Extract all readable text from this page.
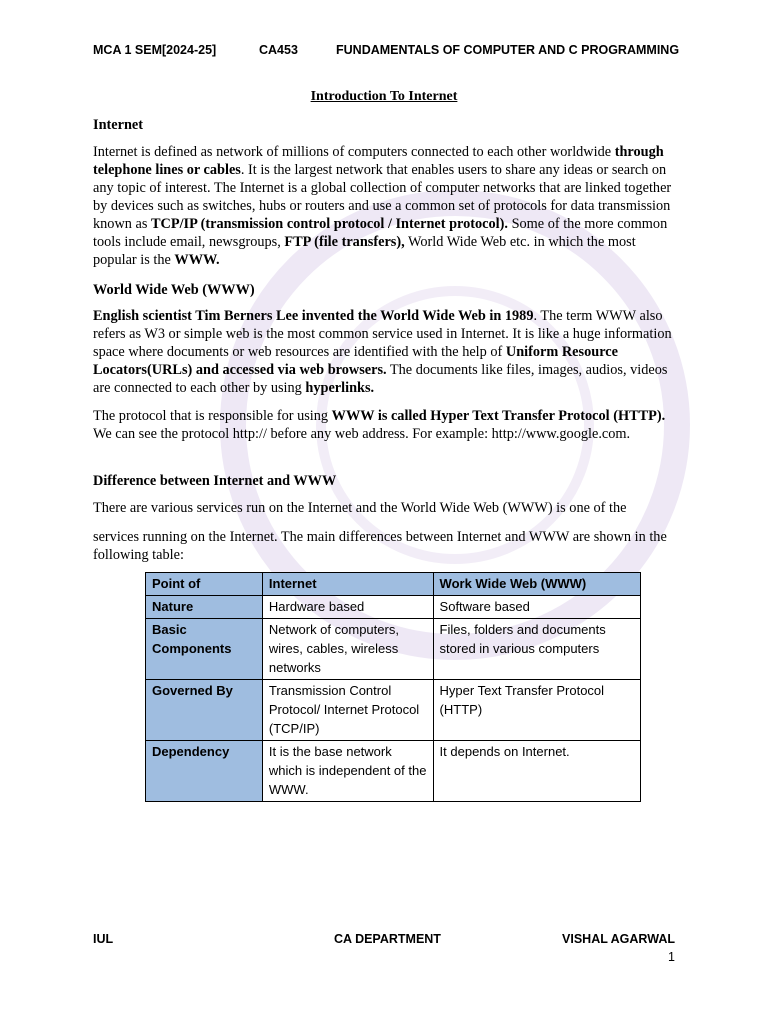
MCA 1 SEM[2024-25]	CA453	FUNDAMENTALS OF COMPUTER AND C PROGRAMMING
Introduction To Internet
Internet
Internet is defined as network of millions of computers connected to each other worldwide through telephone lines or cables. It is the largest network that enables users to share any ideas or search on any topic of interest. The Internet is a global collection of computer networks that are linked together by devices such as switches, hubs or routers and use a common set of protocols for data transmission known as TCP/IP (transmission control protocol / Internet protocol). Some of the more common tools include email, newsgroups, FTP (file transfers), World Wide Web etc. in which the most popular is the WWW.
World Wide Web (WWW)
English scientist Tim Berners Lee invented the World Wide Web in 1989. The term WWW also refers as W3 or simple web is the most common service used in Internet. It is like a huge information space where documents or web resources are identified with the help of Uniform Resource Locators(URLs) and accessed via web browsers. The documents like files, images, audios, videos are connected to each other by using hyperlinks.
The protocol that is responsible for using WWW is called Hyper Text Transfer Protocol (HTTP). We can see the protocol http:// before any web address. For example: http://www.google.com.
Difference between Internet and WWW
There are various services run on the Internet and the World Wide Web (WWW) is one of the
services running on the Internet. The main differences between Internet and WWW are shown in the following table:
Point of	Internet	Work Wide Web (WWW)
Nature	Hardware based	Software based
Basic Components	Network of computers, wires, cables, wireless networks	Files, folders and documents stored in various computers
Governed By	Transmission Control Protocol/ Internet Protocol (TCP/IP)	Hyper Text Transfer Protocol (HTTP)
Dependency	It is the base network which is independent of the WWW.	It depends on Internet.
IUL	CA DEPARTMENT	VISHAL AGARWAL
1
